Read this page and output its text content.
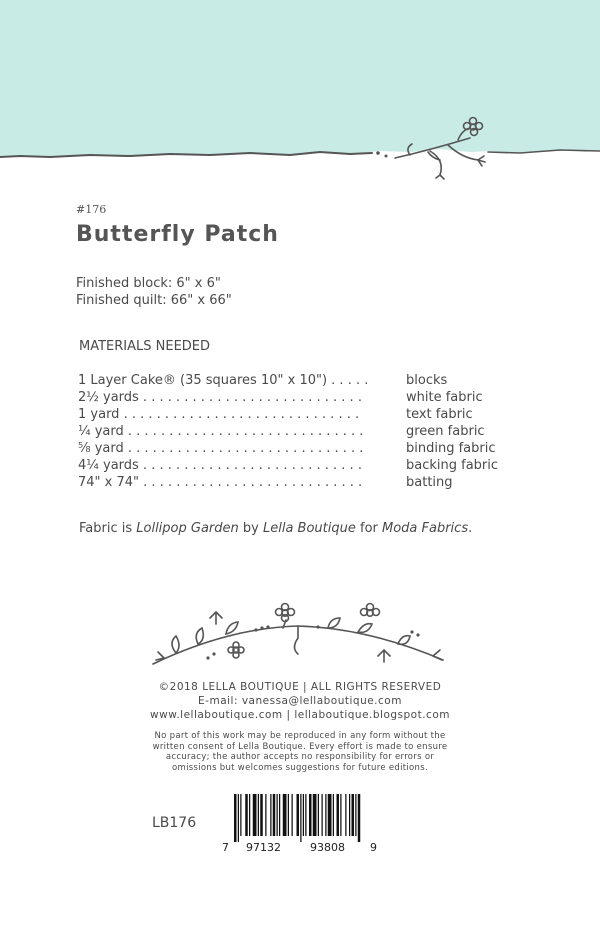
#176
Butterfly Patch
Finished block: 6" x 6"
Finished quilt: 66" x 66"
MATERIALS NEEDED
1 Layer Cake® (35 squares 10" x 10") . . . . .	blocks
2½ yards . . . . . . . . . . . . . . . . . . . . . . . . . . .	white fabric
1 yard . . . . . . . . . . . . . . . . . . . . . . . . . . . . .	text fabric
¼ yard . . . . . . . . . . . . . . . . . . . . . . . . . . . . .	green fabric
⅝ yard . . . . . . . . . . . . . . . . . . . . . . . . . . . . .	binding fabric
4¼ yards . . . . . . . . . . . . . . . . . . . . . . . . . . .	backing fabric
74" x 74" . . . . . . . . . . . . . . . . . . . . . . . . . . .	batting
Fabric is Lollipop Garden by Lella Boutique for Moda Fabrics.
©2018 LELLA BOUTIQUE | ALL RIGHTS RESERVED
E-mail: vanessa@lellaboutique.com
www.lellaboutique.com | lellaboutique.blogspot.com
No part of this work may be reproduced in any form without the
written consent of Lella Boutique. Every effort is made to ensure
accuracy; the author accepts no responsibility for errors or
omissions but welcomes suggestions for future editions.
LB176
7 97132	93808 9
